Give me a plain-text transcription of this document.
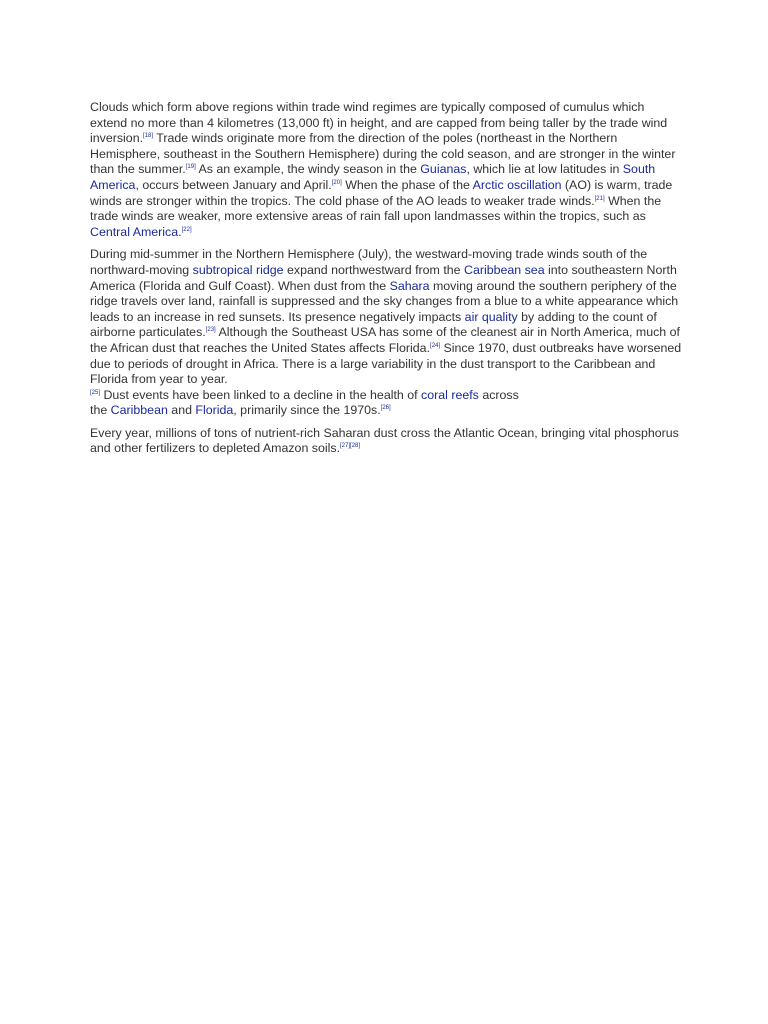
Clouds which form above regions within trade wind regimes are typically composed of cumulus which extend no more than 4 kilometres (13,000 ft) in height, and are capped from being taller by the trade wind inversion.[18] Trade winds originate more from the direction of the poles (northeast in the Northern Hemisphere, southeast in the Southern Hemisphere) during the cold season, and are stronger in the winter than the summer.[19] As an example, the windy season in the Guianas, which lie at low latitudes in South America, occurs between January and April.[20] When the phase of the Arctic oscillation (AO) is warm, trade winds are stronger within the tropics. The cold phase of the AO leads to weaker trade winds.[21] When the trade winds are weaker, more extensive areas of rain fall upon landmasses within the tropics, such as Central America.[22]

During mid-summer in the Northern Hemisphere (July), the westward-moving trade winds south of the northward-moving subtropical ridge expand northwestward from the Caribbean sea into southeastern North America (Florida and Gulf Coast). When dust from the Sahara moving around the southern periphery of the ridge travels over land, rainfall is suppressed and the sky changes from a blue to a white appearance which leads to an increase in red sunsets. Its presence negatively impacts air quality by adding to the count of airborne particulates.[23] Although the Southeast USA has some of the cleanest air in North America, much of the African dust that reaches the United States affects Florida.[24] Since 1970, dust outbreaks have worsened due to periods of drought in Africa. There is a large variability in the dust transport to the Caribbean and Florida from year to year.
[25] Dust events have been linked to a decline in the health of coral reefs across
the Caribbean and Florida, primarily since the 1970s.[26]

Every year, millions of tons of nutrient-rich Saharan dust cross the Atlantic Ocean, bringing vital phosphorus and other fertilizers to depleted Amazon soils.[27][28]
